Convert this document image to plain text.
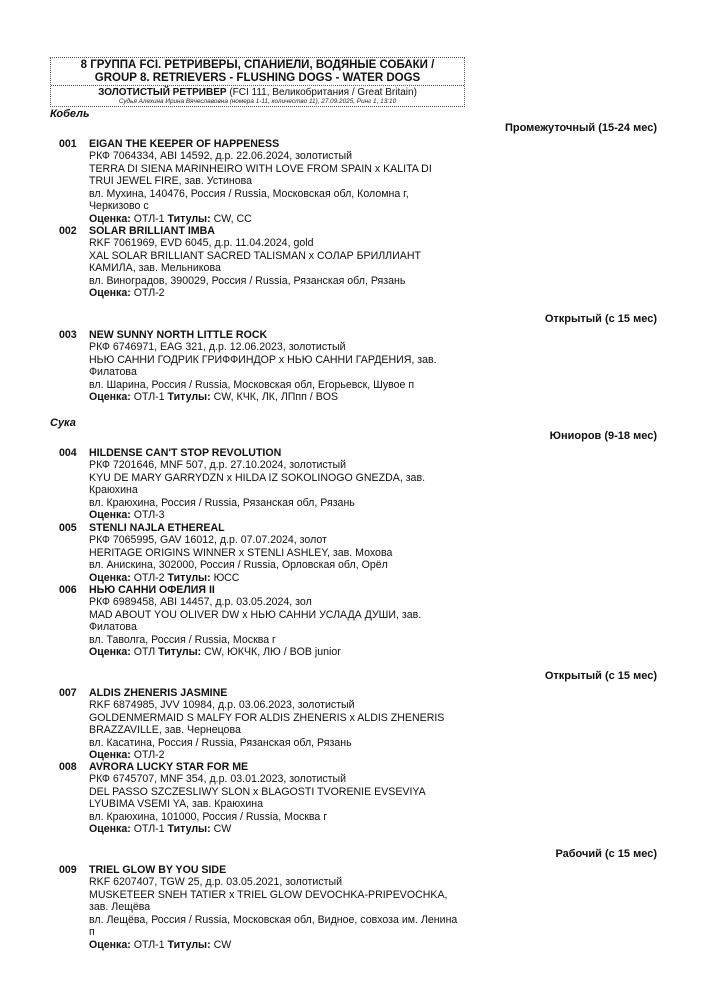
8 ГРУППА FCI. РЕТРИВЕРЫ, СПАНИЕЛИ, ВОДЯНЫЕ СОБАКИ /
GROUP 8. RETRIEVERS - FLUSHING DOGS - WATER DOGS
ЗОЛОТИСТЫЙ РЕТРИВЕР (FCI 111, Великобритания / Great Britain)
Судья Алехина Ирина Вячеславовна (номера 1-11, количество 11), 27.09.2025, Ринг 1, 13:10
Кобель
Промежуточный (15-24 мес)
001 EIGAN THE KEEPER OF HAPPENESS
РКФ 7064334, ABI 14592, д.р. 22.06.2024, золотистый
TERRA DI SIENA MARINHEIRO WITH LOVE FROM SPAIN x KALITA DI
TRUI JEWEL FIRE, зав. Устинова
вл. Мухина, 140476, Россия / Russia, Московская обл, Коломна г,
Черкизово с
Оценка: ОТЛ-1 Титулы: CW, CC
002 SOLAR BRILLIANT IMBA
RKF 7061969, EVD 6045, д.р. 11.04.2024, gold
XAL SOLAR BRILLIANT SACRED TALISMAN x СОЛАР БРИЛЛИАНТ
КАМИЛА, зав. Мельникова
вл. Виноградов, 390029, Россия / Russia, Рязанская обл, Рязань
Оценка: ОТЛ-2
Открытый (с 15 мес)
003 NEW SUNNY NORTH LITTLE ROCK
РКФ 6746971, EAG 321, д.р. 12.06.2023, золотистый
НЬЮ САННИ ГОДРИК ГРИФФИНДОР x НЬЮ САННИ ГАРДЕНИЯ, зав.
Филатова
вл. Шарина, Россия / Russia, Московская обл, Егорьевск, Шувое п
Оценка: ОТЛ-1 Титулы: CW, КЧК, ЛК, ЛПпп / BOS
Сука
Юниоров (9-18 мес)
004 HILDENSE CAN'T STOP REVOLUTION
РКФ 7201646, MNF 507, д.р. 27.10.2024, золотистый
KYU DE MARY GARRYDZN x HILDA IZ SOKOLINOGO GNEZDA, зав.
Краюхина
вл. Краюхина, Россия / Russia, Рязанская обл, Рязань
Оценка: ОТЛ-3
005 STENLI NAJLA ETHEREAL
РКФ 7065995, GAV 16012, д.р. 07.07.2024, золот
HERITAGE ORIGINS WINNER x STENLI ASHLEY, зав. Мохова
вл. Анискина, 302000, Россия / Russia, Орловская обл, Орёл
Оценка: ОТЛ-2 Титулы: ЮСС
006 НЬЮ САННИ ОФЕЛИЯ II
РКФ 6989458, ABI 14457, д.р. 03.05.2024, зол
MAD ABOUT YOU OLIVER DW x НЬЮ САННИ УСЛАДА ДУШИ, зав.
Филатова
вл. Таволга, Россия / Russia, Москва г
Оценка: ОТЛ Титулы: CW, ЮКЧК, ЛЮ / BOB junior
Открытый (с 15 мес)
007 ALDIS ZHENERIS JASMINE
RKF 6874985, JVV 10984, д.р. 03.06.2023, золотистый
GOLDENMERMAID S MALFY FOR ALDIS ZHENERIS x ALDIS ZHENERIS
BRAZZAVILLE, зав. Чернецова
вл. Касатина, Россия / Russia, Рязанская обл, Рязань
Оценка: ОТЛ-2
008 AVRORA LUCKY STAR FOR ME
РКФ 6745707, MNF 354, д.р. 03.01.2023, золотистый
DEL PASSO SZCZESLIWY SLON x BLAGOSTI TVORENIE EVSEVIYA
LYUBIMA VSEMI YA, зав. Краюхина
вл. Краюхина, 101000, Россия / Russia, Москва г
Оценка: ОТЛ-1 Титулы: CW
Рабочий (с 15 мес)
009 TRIEL GLOW BY YOU SIDE
RKF 6207407, TGW 25, д.р. 03.05.2021, золотистый
MUSKETEER SNEH TATIER x TRIEL GLOW DEVOCHKA-PRIPEVOCHKA,
зав. Лещёва
вл. Лещёва, Россия / Russia, Московская обл, Видное, совхоза им. Ленина
п
Оценка: ОТЛ-1 Титулы: CW
